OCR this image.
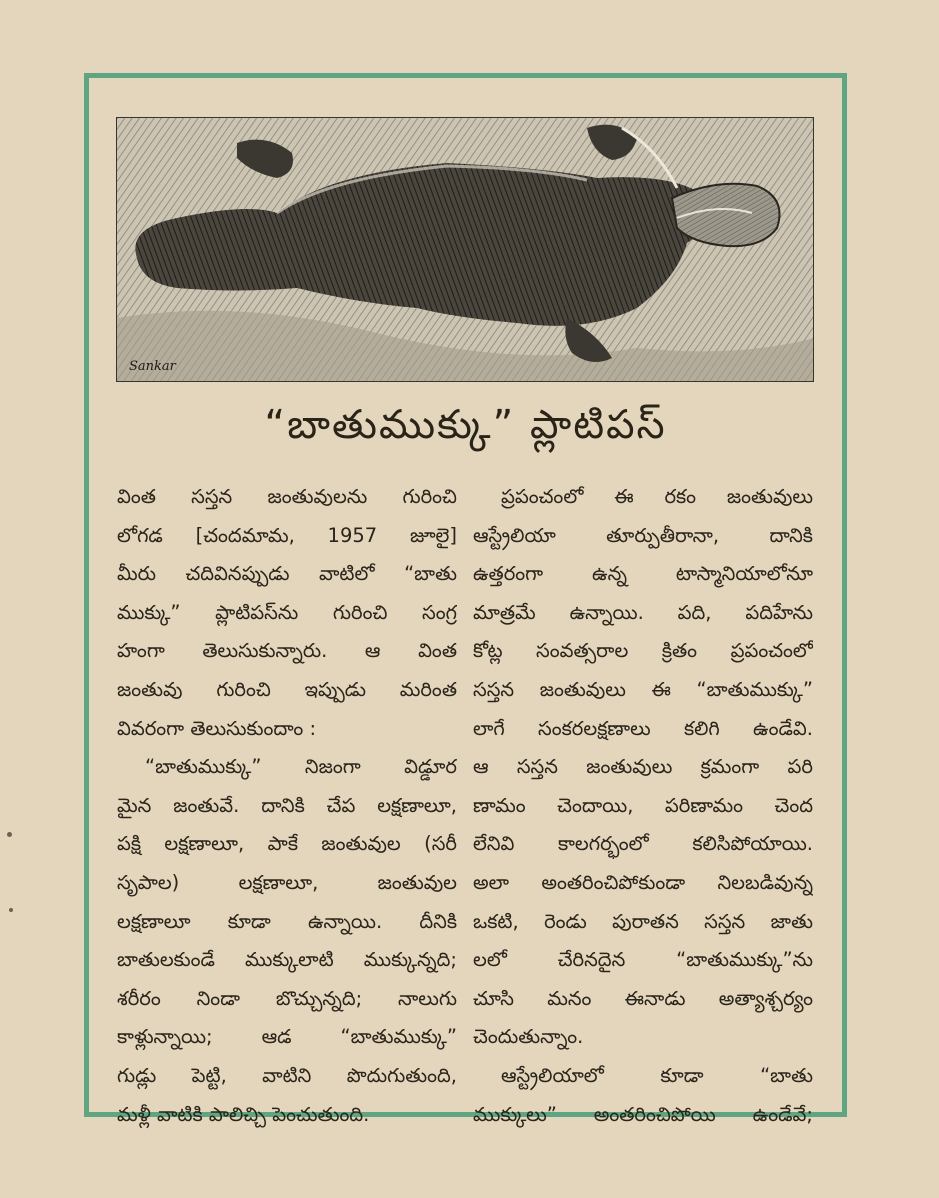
Sankar
“బాతుముక్కు” ప్లాటిపస్
వింత సస్తన జంతువులను గురించి
లోగడ [చందమామ, 1957 జూలై]
మీరు చదివినప్పుడు వాటిలో “బాతు
ముక్కు” ప్లాటిపస్‌ను గురించి సంగ్ర
హంగా తెలుసుకున్నారు. ఆ వింత
జంతువు గురించి ఇప్పుడు మరింత
వివరంగా తెలుసుకుందాం :
“బాతుముక్కు” నిజంగా విడ్డూర
మైన జంతువే. దానికి చేప లక్షణాలూ,
పక్షి లక్షణాలూ, పాకే జంతువుల (సరీ
సృపాల) లక్షణాలూ, జంతువుల
లక్షణాలూ కూడా ఉన్నాయి. దీనికి
బాతులకుండే ముక్కులాటి ముక్కున్నది;
శరీరం నిండా బొచ్చున్నది; నాలుగు
కాళ్లున్నాయి; ఆడ “బాతుముక్కు”
గుడ్లు పెట్టి, వాటిని పొదుగుతుంది,
మళ్లీ వాటికి పాలిచ్చి పెంచుతుంది.
ప్రపంచంలో ఈ రకం జంతువులు
ఆస్ట్రేలియా తూర్పుతీరానా, దానికి
ఉత్తరంగా ఉన్న టాస్మానియాలోనూ
మాత్రమే ఉన్నాయి. పది, పదిహేను
కోట్ల సంవత్సరాల క్రితం ప్రపంచంలో
సస్తన జంతువులు ఈ “బాతుముక్కు”
లాగే సంకరలక్షణాలు కలిగి ఉండేవి.
ఆ సస్తన జంతువులు క్రమంగా పరి
ణామం చెందాయి, పరిణామం చెంద
లేనివి కాలగర్భంలో కలిసిపోయాయి.
అలా అంతరించిపోకుండా నిలబడివున్న
ఒకటి, రెండు పురాతన సస్తన జాతు
లలో చేరినదైన “బాతుముక్కు”ను
చూసి మనం ఈనాడు అత్యాశ్చర్యం
చెందుతున్నాం.
ఆస్ట్రేలియాలో కూడా “బాతు
ముక్కులు” అంతరించిపోయి ఉండేవే;
